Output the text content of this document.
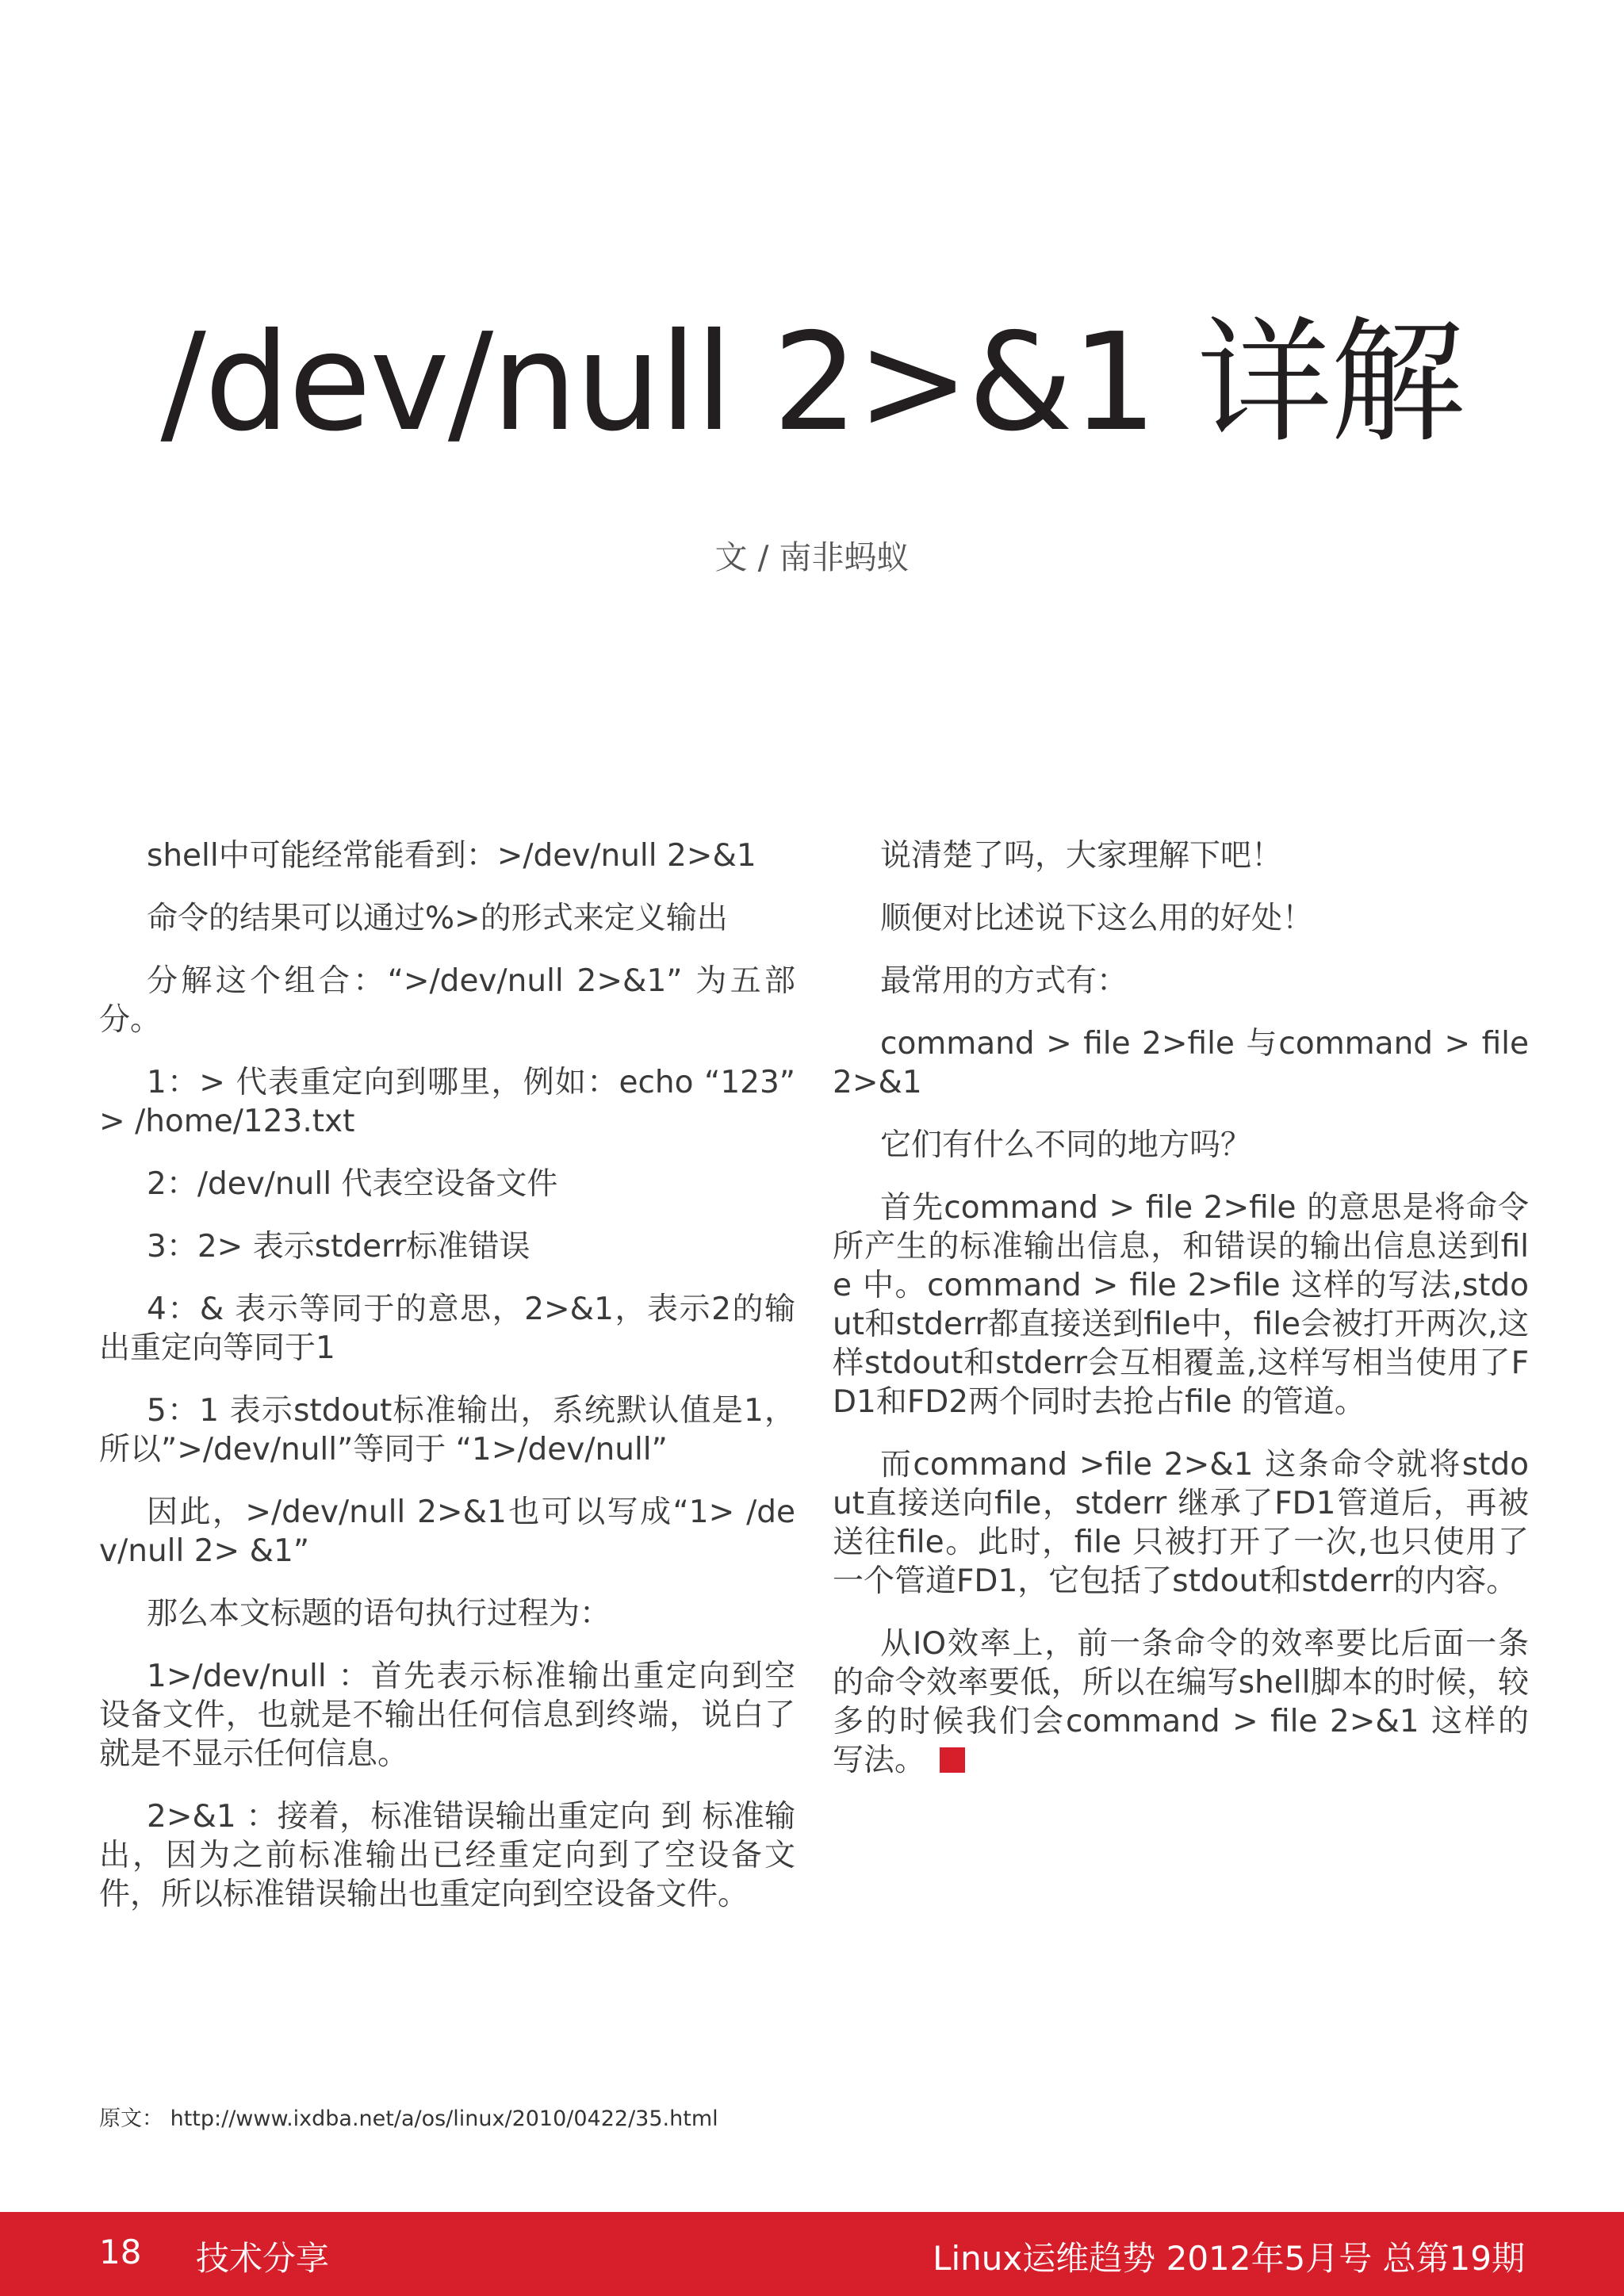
/dev/null 2>&1 详解
文 / 南非蚂蚁

shell中可能经常能看到：>/dev/null 2>&1

命令的结果可以通过%>的形式来定义输出

分解这个组合：“>/dev/null 2>&1” 为五部分。

1：> 代表重定向到哪里，例如：echo “123” > /home/123.txt

2：/dev/null 代表空设备文件

3：2> 表示stderr标准错误

4：& 表示等同于的意思，2>&1，表示2的输出重定向等同于1

5：1 表示stdout标准输出，系统默认值是1，所以”>/dev/null”等同于 “1>/dev/null”

因此，>/dev/null 2>&1也可以写成“1> /dev/null 2> &1”

那么本文标题的语句执行过程为：

1>/dev/null ：首先表示标准输出重定向到空设备文件，也就是不输出任何信息到终端，说白了就是不显示任何信息。

2>&1 ：接着，标准错误输出重定向 到 标准输出，因为之前标准输出已经重定向到了空设备文件，所以标准错误输出也重定向到空设备文件。

说清楚了吗，大家理解下吧！

顺便对比述说下这么用的好处！

最常用的方式有：

command > file 2>file 与command > file 2>&1

它们有什么不同的地方吗？

首先command > file 2>file 的意思是将命令所产生的标准输出信息，和错误的输出信息送到file 中。command > file 2>file 这样的写法,stdout和stderr都直接送到file中，file会被打开两次,这样stdout和stderr会互相覆盖,这样写相当使用了FD1和FD2两个同时去抢占file 的管道。

而command >file 2>&1 这条命令就将stdout直接送向file，stderr 继承了FD1管道后，再被送往file。此时，file 只被打开了一次,也只使用了一个管道FD1，它包括了stdout和stderr的内容。

从IO效率上，前一条命令的效率要比后面一条的命令效率要低，所以在编写shell脚本的时候，较多的时候我们会command > file 2>&1 这样的写法。

原文： http://www.ixdba.net/a/os/linux/2010/0422/35.html
18 技术分享	Linux运维趋势 2012年5月号 总第19期
